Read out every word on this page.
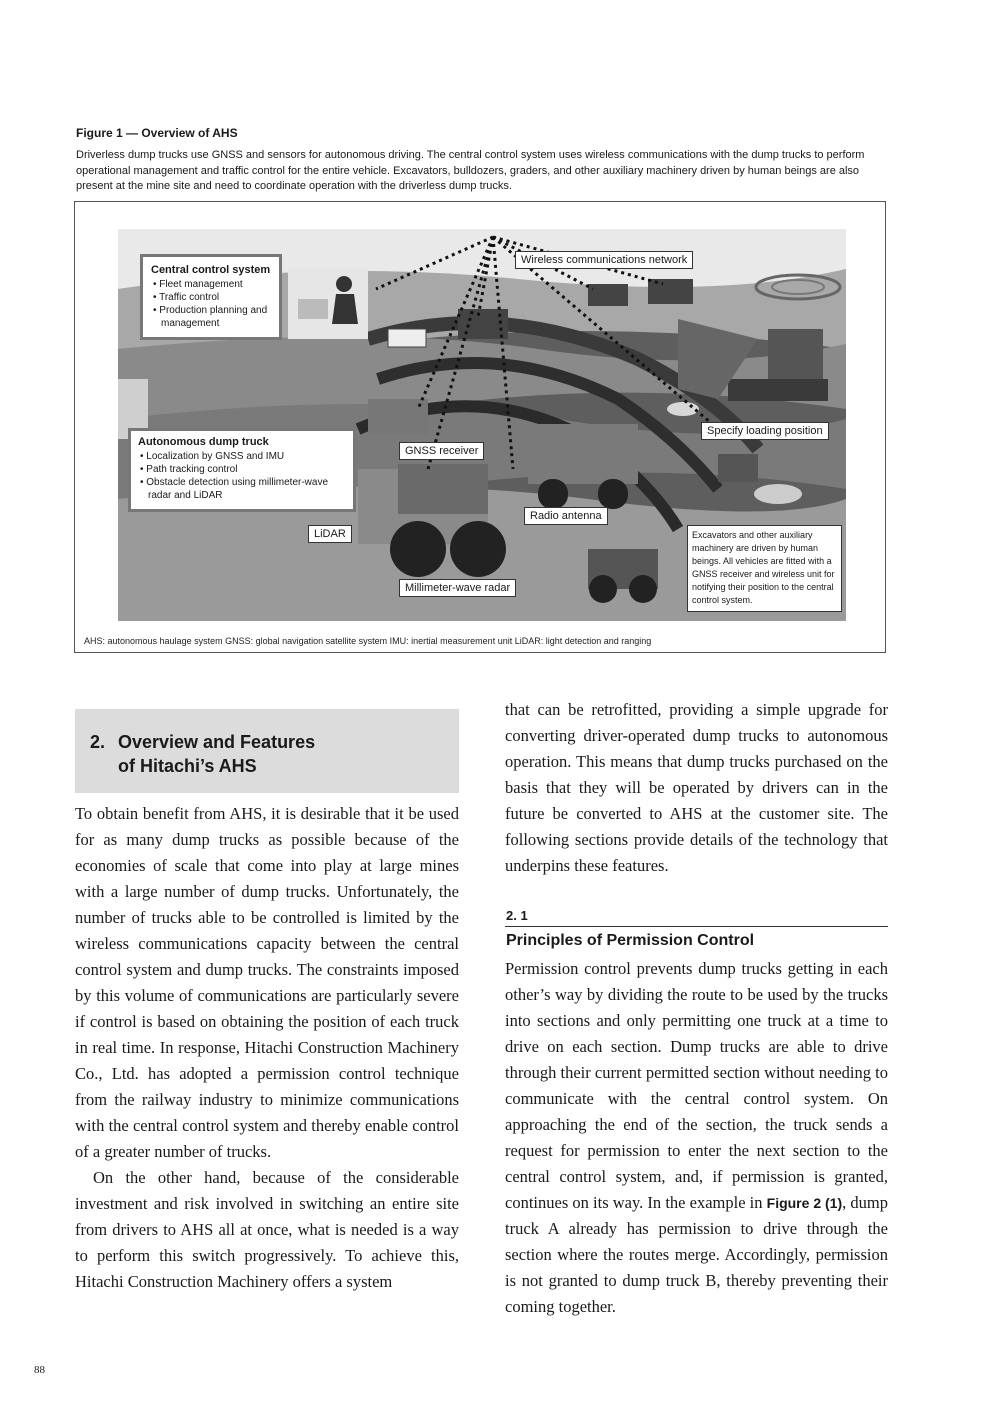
Figure 1 — Overview of AHS
Driverless dump trucks use GNSS and sensors for autonomous driving. The central control system uses wireless communications with the dump trucks to perform operational management and traffic control for the entire vehicle. Excavators, bulldozers, graders, and other auxiliary machinery driven by human beings are also present at the mine site and need to coordinate operation with the driverless dump trucks.
Central control system
• Fleet management
• Traffic control
• Production planning and management
Autonomous dump truck
• Localization by GNSS and IMU
• Path tracking control
• Obstacle detection using millimeter-wave radar and LiDAR
Wireless communications network
Specify loading position
GNSS receiver
Radio antenna
LiDAR
Millimeter-wave radar
Excavators and other auxiliary machinery are driven by human beings. All vehicles are fitted with a GNSS receiver and wireless unit for notifying their position to the central control system.
AHS: autonomous haulage system GNSS: global navigation satellite system IMU: inertial measurement unit LiDAR: light detection and ranging
2. Overview and Features
of Hitachi’s AHS

To obtain benefit from AHS, it is desirable that it be used for as many dump trucks as possible because of the economies of scale that come into play at large mines with a large number of dump trucks. Unfortunately, the number of trucks able to be controlled is limited by the wireless communications capacity between the central control system and dump trucks. The constraints imposed by this volume of communications are particularly severe if control is based on obtaining the position of each truck in real time. In response, Hitachi Construction Machinery Co., Ltd. has adopted a permission control technique from the railway industry to minimize communications with the central control system and thereby enable control of a greater number of trucks.

On the other hand, because of the considerable investment and risk involved in switching an entire site from drivers to AHS all at once, what is needed is a way to perform this switch progressively. To achieve this, Hitachi Construction Machinery offers a system

that can be retrofitted, providing a simple upgrade for converting driver-operated dump trucks to autonomous operation. This means that dump trucks purchased on the basis that they will be operated by drivers can in the future be converted to AHS at the customer site. The following sections provide details of the technology that underpins these features.

2. 1
Principles of Permission Control

Permission control prevents dump trucks getting in each other’s way by dividing the route to be used by the trucks into sections and only permitting one truck at a time to drive on each section. Dump trucks are able to drive through their current permitted section without needing to communicate with the central control system. On approaching the end of the section, the truck sends a request for permission to enter the next section to the central control system, and, if permission is granted, continues on its way. In the example in Figure 2 (1), dump truck A already has permission to drive through the section where the routes merge. Accordingly, permission is not granted to dump truck B, thereby preventing their coming together.

88
